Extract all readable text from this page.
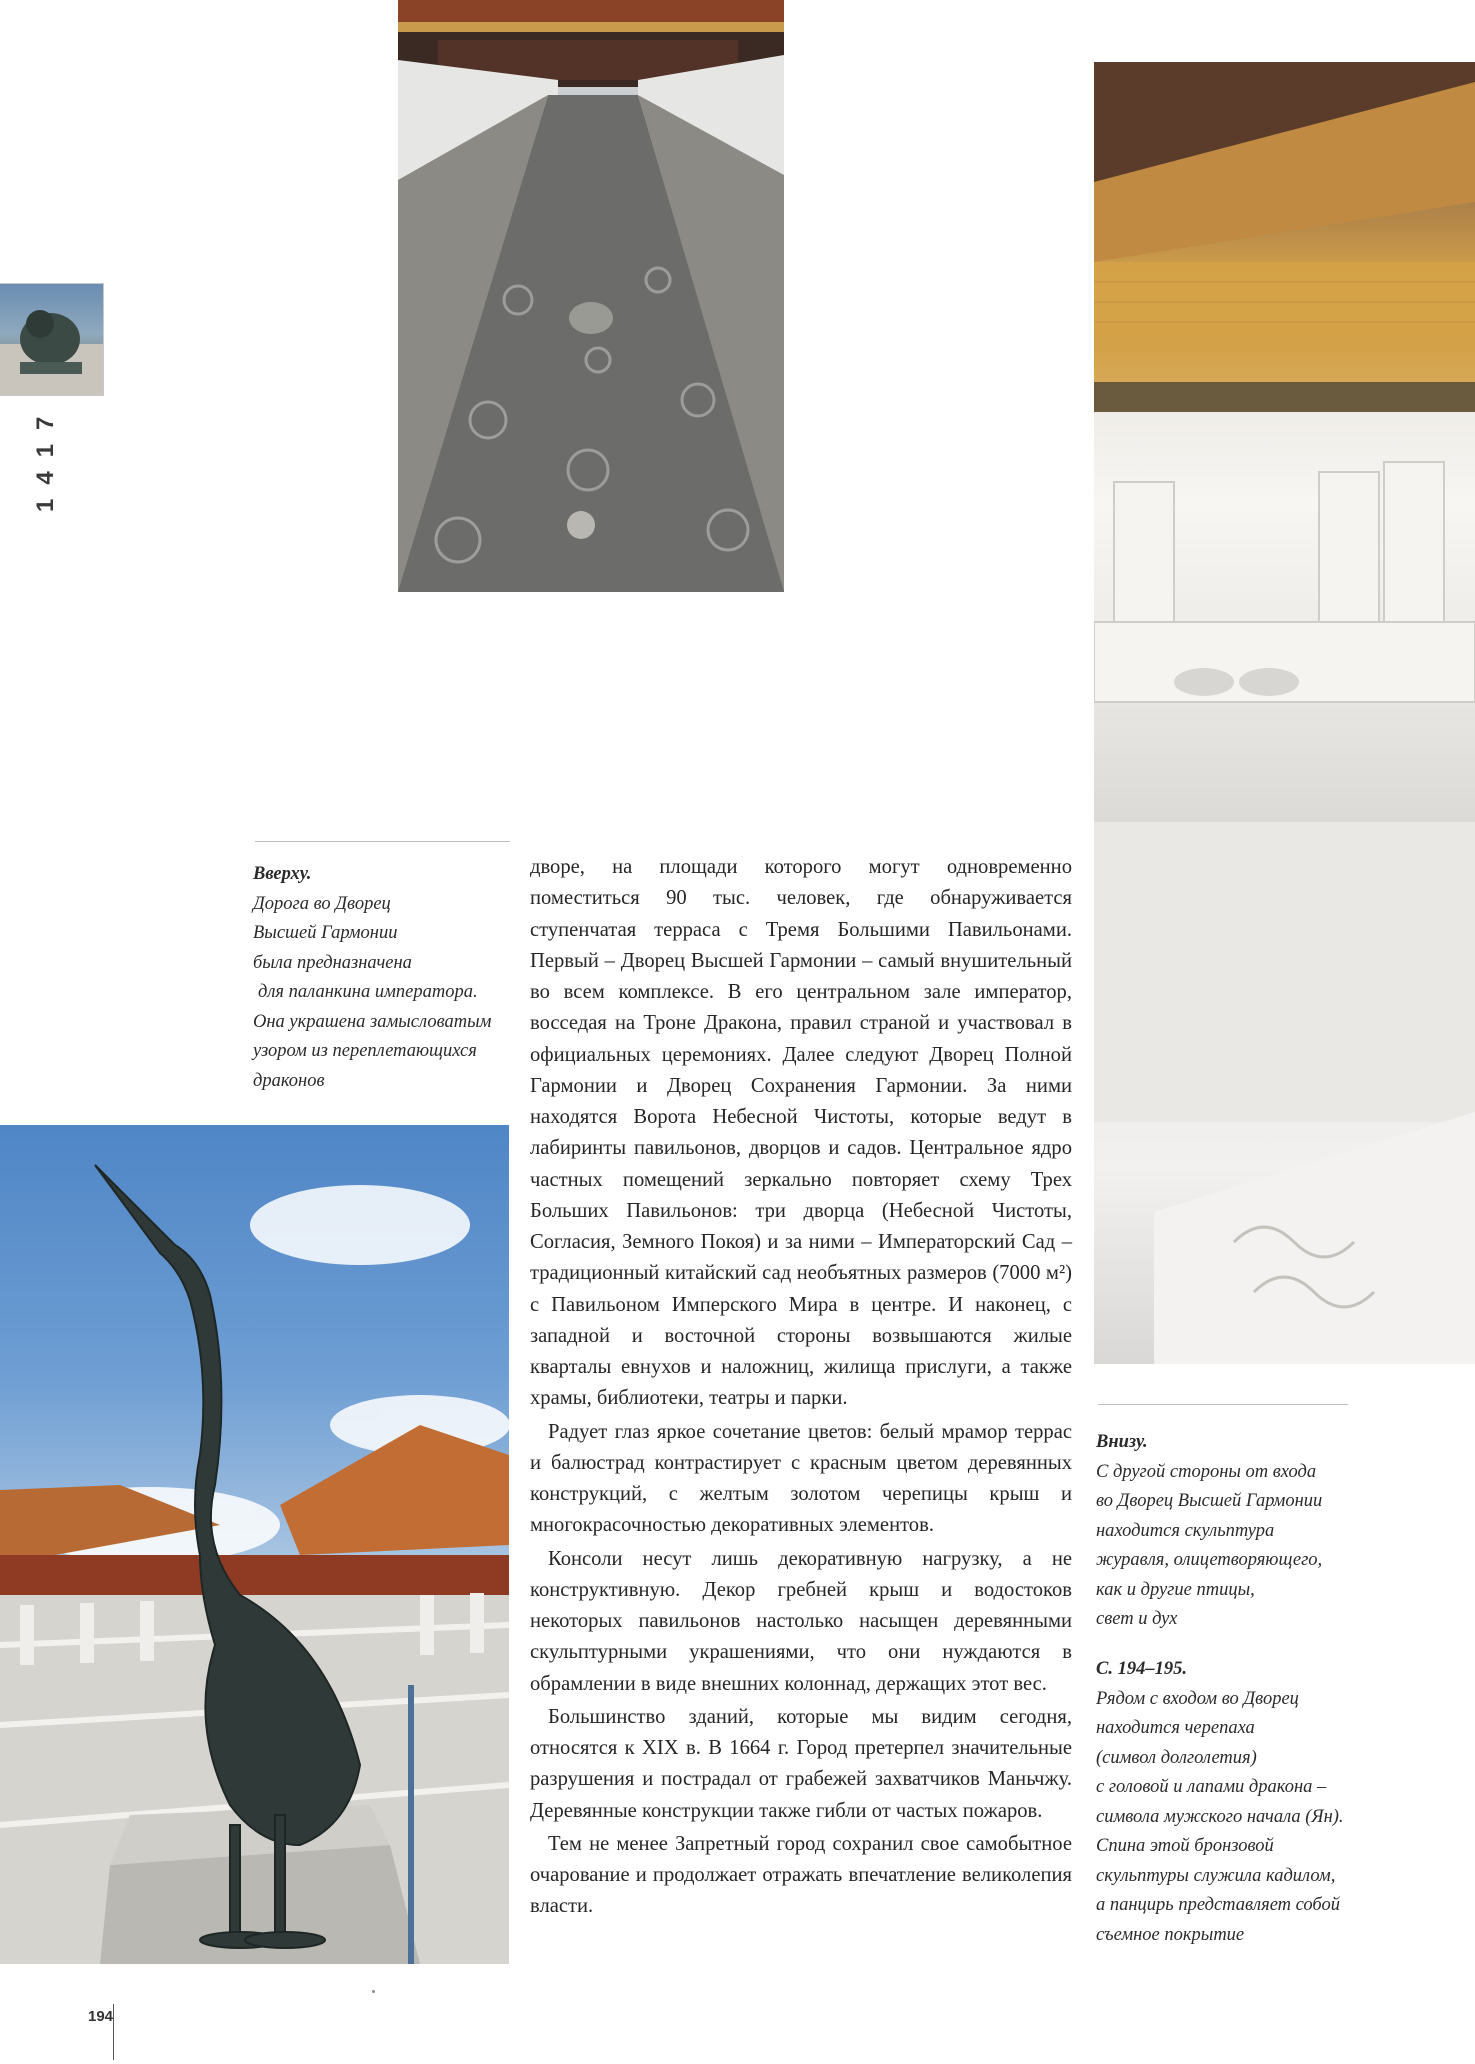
1417
Вверху.
Дорога во Дворец
Высшей Гармонии
была предназначена
для паланкина императора.
Она украшена замысловатым
узором из переплетающихся
драконов
Внизу.
С другой стороны от входа
во Дворец Высшей Гармонии
находится скульптура
журавля, олицетворяющего,
как и другие птицы,
свет и дух
С. 194–195.
Рядом с входом во Дворец
находится черепаха
(символ долголетия)
с головой и лапами дракона –
символа мужского начала (Ян).
Спина этой бронзовой
скульптуры служила кадилом,
а панцирь представляет собой
съемное покрытие

дворе, на площади которого могут одновременно поместиться 90 тыс. человек, где обнаруживается ступенчатая терраса с Тремя Большими Павильонами. Первый – Дворец Высшей Гармонии – самый внушительный во всем комплексе. В его центральном зале император, восседая на Троне Дракона, правил страной и участвовал в официальных церемониях. Далее следуют Дворец Полной Гармонии и Дворец Сохранения Гармонии. За ними находятся Ворота Небесной Чистоты, которые ведут в лабиринты павильонов, дворцов и садов. Центральное ядро частных помещений зеркально повторяет схему Трех Больших Павильонов: три дворца (Небесной Чистоты, Согласия, Земного Покоя) и за ними – Императорский Сад – традиционный китайский сад необъятных размеров (7000 м²) с Павильоном Имперского Мира в центре. И наконец, с западной и восточной стороны возвышаются жилые кварталы евнухов и наложниц, жилища прислуги, а также храмы, библиотеки, театры и парки.

Радует глаз яркое сочетание цветов: белый мрамор террас и балюстрад контрастирует с красным цветом деревянных конструкций, с желтым золотом черепицы крыш и многокрасочностью декоративных элементов.

Консоли несут лишь декоративную нагрузку, а не конструктивную. Декор гребней крыш и водостоков некоторых павильонов настолько насыщен деревянными скульптурными украшениями, что они нуждаются в обрамлении в виде внешних колоннад, держащих этот вес.

Большинство зданий, которые мы видим сегодня, относятся к XIX в. В 1664 г. Город претерпел значительные разрушения и пострадал от грабежей захватчиков Маньчжу. Деревянные конструкции также гибли от частых пожаров.

Тем не менее Запретный город сохранил свое самобытное очарование и продолжает отражать впечатление великолепия власти.

194
